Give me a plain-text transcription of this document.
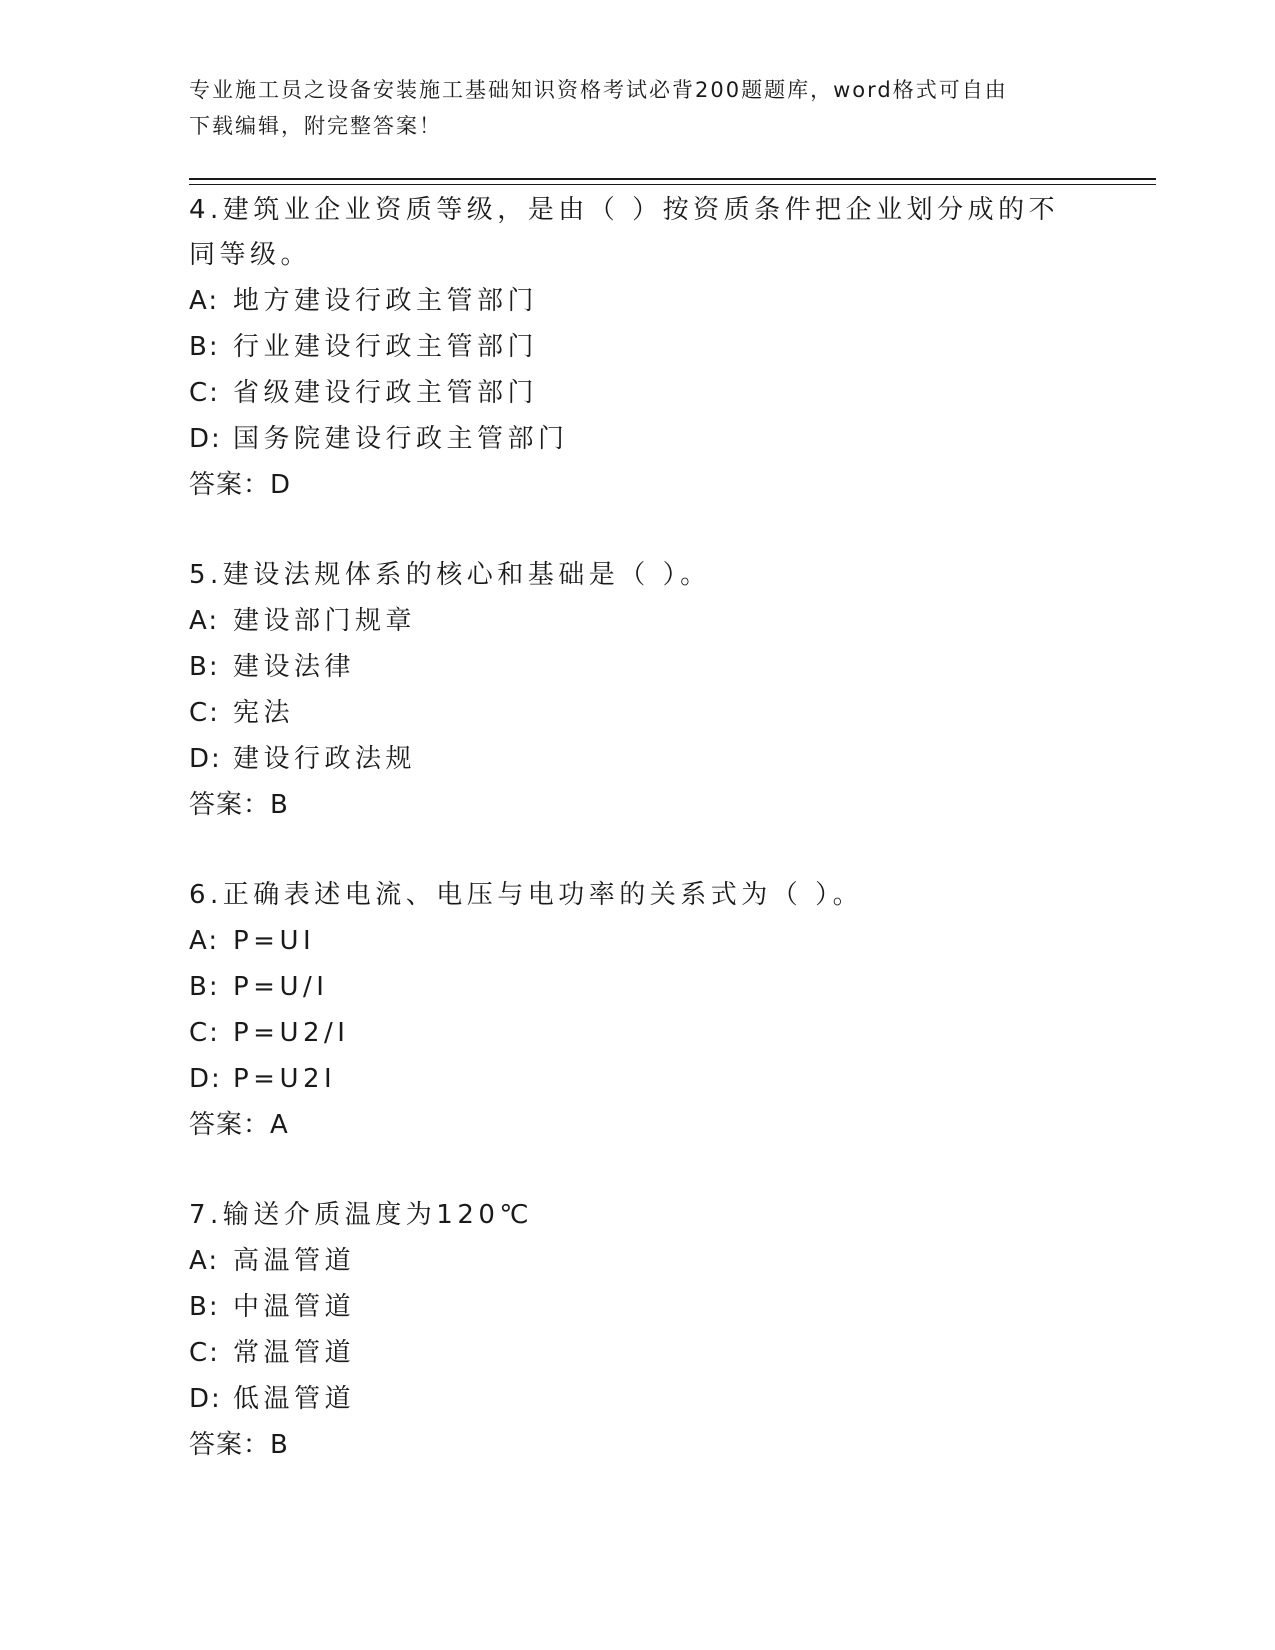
专业施工员之设备安装施工基础知识资格考试必背200题题库，word格式可自由
下载编辑，附完整答案！

4.建筑业企业资质等级，是由（ ）按资质条件把企业划分成的不同等级。

A: 地方建设行政主管部门
B: 行业建设行政主管部门
C: 省级建设行政主管部门
D: 国务院建设行政主管部门
答案：D

5.建设法规体系的核心和基础是（ ）。

A: 建设部门规章
B: 建设法律
C: 宪法
D: 建设行政法规
答案：B

6.正确表述电流、电压与电功率的关系式为（ ）。

A: P=UI
B: P=U/I
C: P=U2/I
D: P=U2I
答案：A

7.输送介质温度为120℃

A: 高温管道
B: 中温管道
C: 常温管道
D: 低温管道
答案：B
